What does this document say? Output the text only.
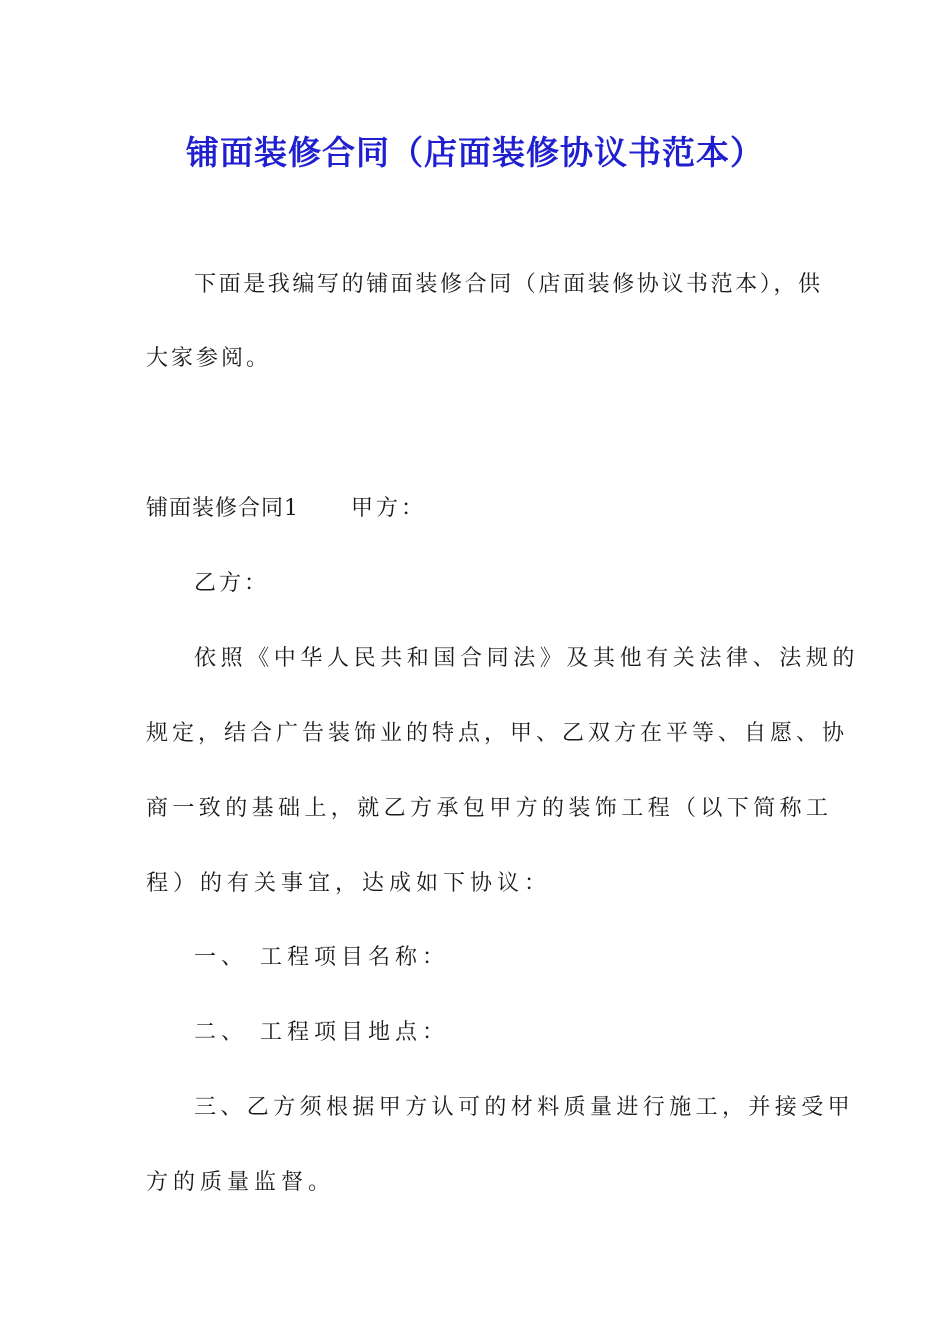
铺面装修合同（店面装修协议书范本）
下面是我编写的铺面装修合同（店面装修协议书范本），供
大家参阅。
铺面装修合同1 甲方：
乙方：
依照《中华人民共和国合同法》及其他有关法律、法规的
规定，结合广告装饰业的特点，甲、乙双方在平等、自愿、协
商一致的基础上，就乙方承包甲方的装饰工程（以下简称工
程）的有关事宜，达成如下协议：
一、 工程项目名称：
二、 工程项目地点：
三、乙方须根据甲方认可的材料质量进行施工，并接受甲
方的质量监督。
